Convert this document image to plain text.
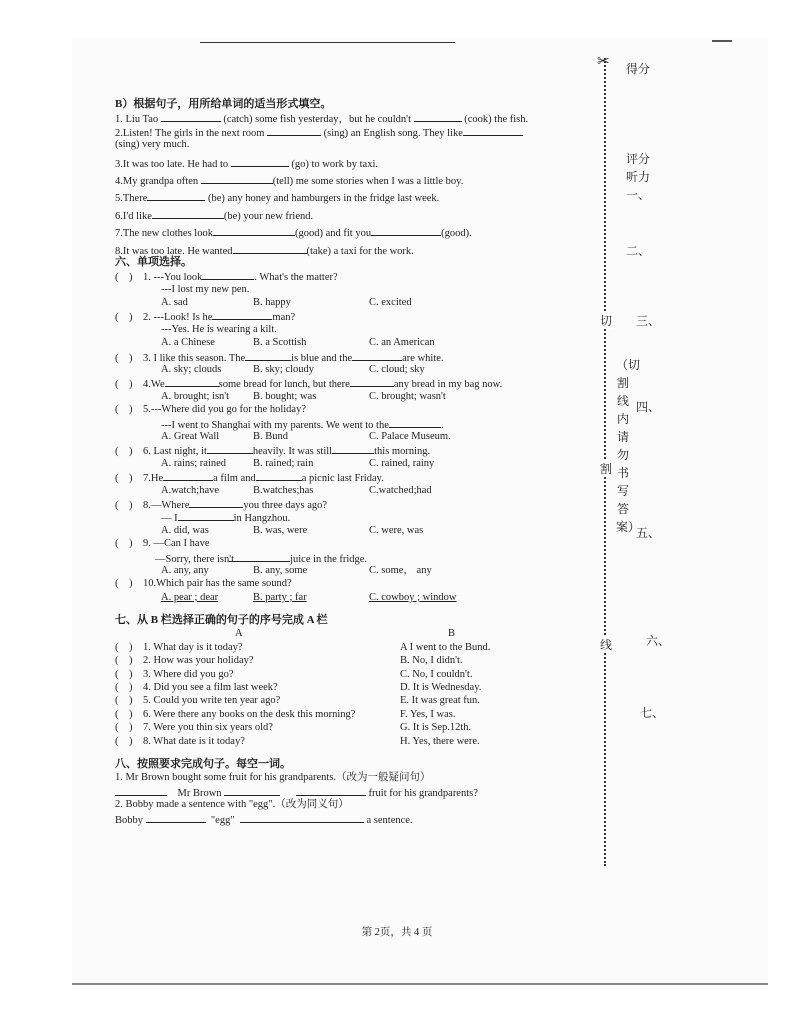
B）根据句子，用所给单词的适当形式填空。
1. Liu Tao	(catch) some fish yesterday，but he couldn't	(cook) the fish.
2.Listen! The girls in the next room	(sing) an English song. They like
(sing) very much.
3.It was too late. He had to	(go) to work by taxi.
4.My grandpa often	(tell) me some stories when I was a little boy.
5.There	(be) any honey and hamburgers in the fridge last week.
6.I'd like	(be) your new friend.
7.The new clothes look	(good) and fit you	(good).
8.It was too late. He wanted	(take) a taxi for the work.
六、单项选择。
( ) 1. ---You look	. What's the matter?
---I lost my new pen.
A. sad	B. happy	C. excited
( ) 2. ---Look! Is he	man?
---Yes. He is wearing a kilt.
A. a Chinese	B. a Scottish	C. an American
( ) 3. I like this season. The	is blue and the	are white.
A. sky; clouds	B. sky; cloudy	C. cloud; sky
( ) 4.We	some bread for lunch, but there	any bread in my bag now.
A. brought; isn't B. bought; was	C. brought; wasn't
( ) 5.---Where did you go for the holiday?
---I went to Shanghai with my parents. We went to the	.
A. Great Wall	B. Bund	C. Palace Museum.
( ) 6. Last night, it	heavily. It was still	this morning.
A. rains; rained	B. rained; rain	C. rained, rainy
( ) 7.He	a film and	a picnic last Friday.
A.watch;have	B.watches;has	C.watched;had
( ) 8.—Where	you three days ago?
— I	in Hangzhou.
A. did, was	B. was, were	C. were, was
( ) 9. —Can I have
—Sorry, there isn't	juice in the fridge.
A. any, any	B. any, some	C. some， any
( ) 10.Which pair has the same sound?
A. pear ; dear	B. party ; far	C. cowboy ; window
七、从 B 栏选择正确的句子的序号完成 A 栏
A	B
( ) 1. What day is it today?	A I went to the Bund.
( ) 2. How was your holiday?	B. No, I didn't.
( ) 3. Where did you go?	C. No, I couldn't.
( ) 4. Did you see a film last week?	D. It is Wednesday.
( ) 5. Could you write ten year ago?	E. It was great fun.
( ) 6. Were there any books on the desk this morning?	F. Yes, I was.
( ) 7. Were you thin six years old?	G. It is Sep.12th.
( ) 8. What date is it today?	H. Yes, there were.
八、按照要求完成句子。每空一词。
1. Mr Brown bought some fruit for his grandparents.（改为一般疑问句）
Mr Brown	fruit for his grandparents?
2. Bobby made a sentence with "egg".（改为同义句）
Bobby	"egg"	a sentence.
第 2页，共 4 页
✂
切
割
线
（切割线内请勿书写答案）
得分
评分
听力
一、
二、
三、
四、
五、
六、
七、
